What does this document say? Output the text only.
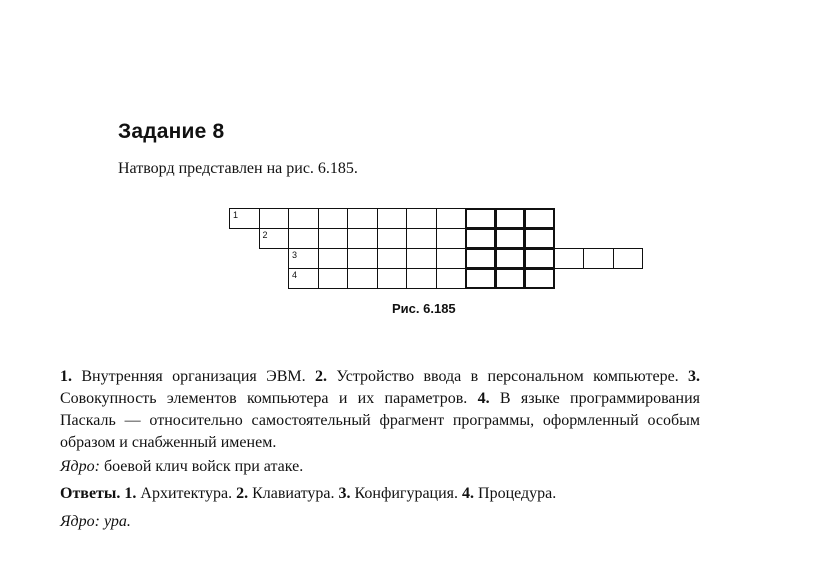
Задание 8
Натворд представлен на рис. 6.185.
1
2
3
4
Рис. 6.185
1. Внутренняя организация ЭВМ. 2. Устройство ввода в персональном компьютере. 3. Совокупность элементов компьютера и их параметров. 4. В языке программирования Паскаль — относительно самостоятельный фрагмент программы, оформленный особым образом и снабженный именем.
Ядро: боевой клич войск при атаке.
Ответы. 1. Архитектура. 2. Клавиатура. 3. Конфигурация. 4. Процедура.
Ядро: ура.
